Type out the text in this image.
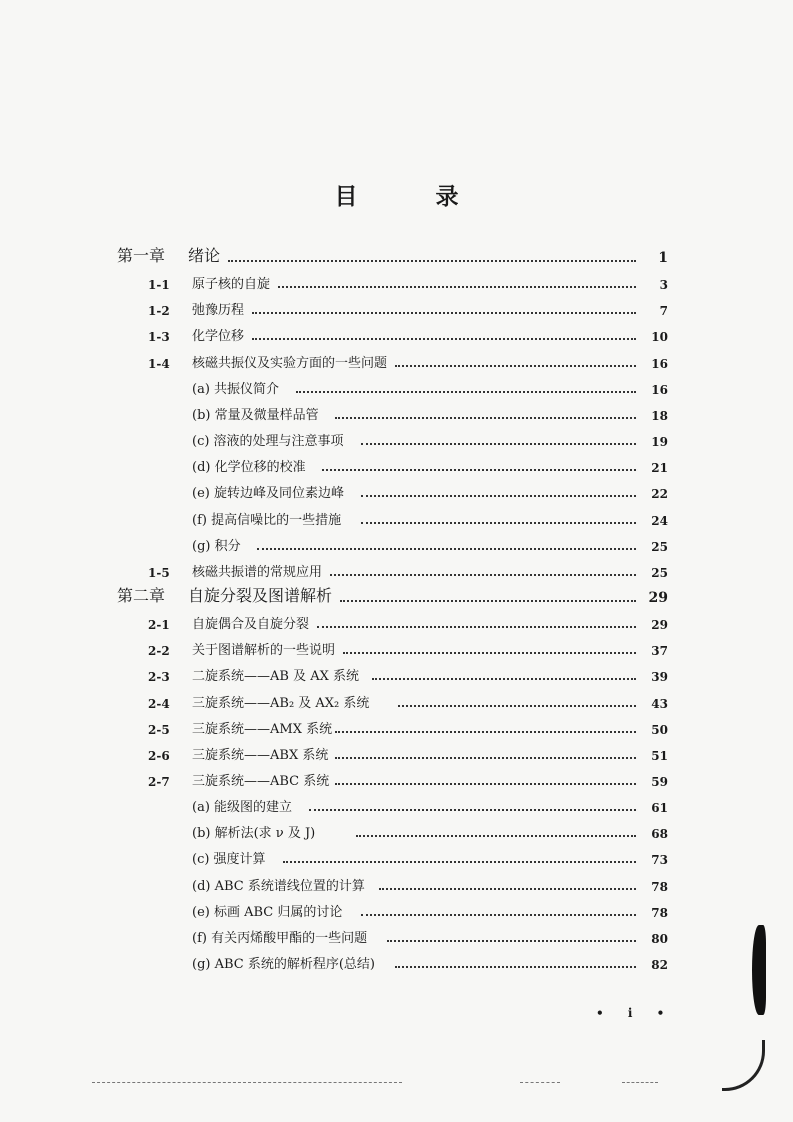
目	录
第一章 绪论	1
1-1 原子核的自旋	3
1-2 弛豫历程	7
1-3 化学位移	10
1-4 核磁共振仪及实验方面的一些问题	16
(a) 共振仪简介	16
(b) 常量及微量样品管	18
(c) 溶液的处理与注意事项	19
(d) 化学位移的校准	21
(e) 旋转边峰及同位素边峰	22
(f) 提高信噪比的一些措施	24
(g) 积分	25
1-5 核磁共振谱的常规应用	25
第二章 自旋分裂及图谱解析	29
2-1 自旋偶合及自旋分裂	29
2-2 关于图谱解析的一些说明	37
2-3 二旋系统——AB 及 AX 系统	39
2-4 三旋系统——AB₂ 及 AX₂ 系统	43
2-5 三旋系统——AMX 系统	50
2-6 三旋系统——ABX 系统	51
2-7 三旋系统——ABC 系统	59
(a) 能级图的建立	61
(b) 解析法(求 ν 及 J)	68
(c) 强度计算	73
(d) ABC 系统谱线位置的计算	78
(e) 标画 ABC 归属的讨论	78
(f) 有关丙烯酸甲酯的一些问题	80
(g) ABC 系统的解析程序(总结)	82
• i •
